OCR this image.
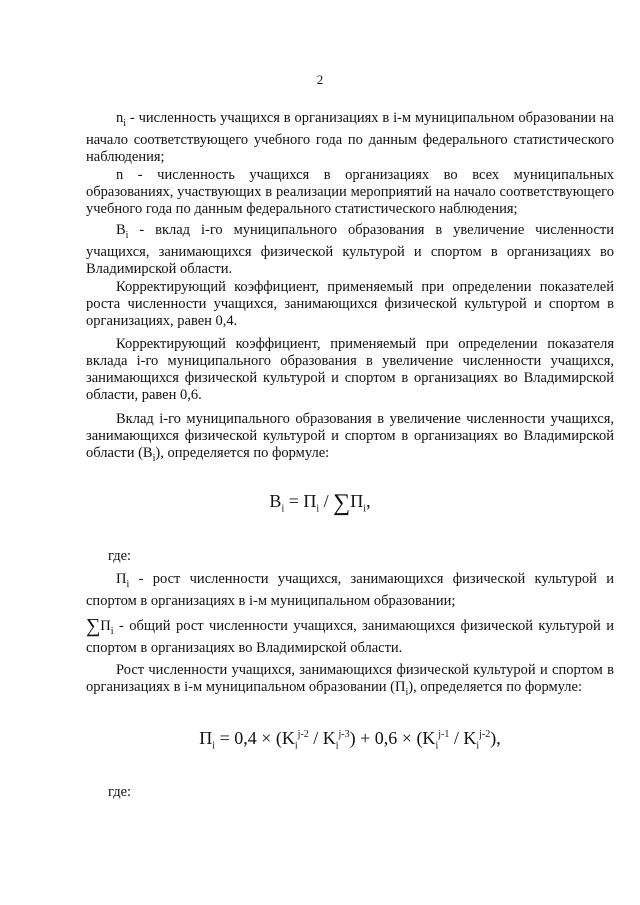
2

$n_i$ - численность учащихся в организациях в i-м муниципальном образовании на начало соответствующего учебного года по данным федерального статистического наблюдения;

n - численность учащихся в организациях во всех муниципальных образованиях, участвующих в реализации мероприятий на начало соответствующего учебного года по данным федерального статистического наблюдения;

$B_i$ - вклад i-го муниципального образования в увеличение численности учащихся, занимающихся физической культурой и спортом в организациях во Владимирской области.

Корректирующий коэффициент, применяемый при определении показателей роста численности учащихся, занимающихся физической культурой и спортом в организациях, равен 0,4.

Корректирующий коэффициент, применяемый при определении показателя вклада i-го муниципального образования в увеличение численности учащихся, занимающихся физической культурой и спортом в организациях во Владимирской области, равен 0,6.

Вклад i-го муниципального образования в увеличение численности учащихся, занимающихся физической культурой и спортом в организациях во Владимирской области $(B_i)$, определяется по формуле:

$B_i = П_i / \sum П_i$,
где:

$П_i$ - рост численности учащихся, занимающихся физической культурой и спортом в организациях в i-м муниципальном образовании;

$\sum П_i$ - общий рост численности учащихся, занимающихся физической культурой и спортом в организациях во Владимирской области.

Рост численности учащихся, занимающихся физической культурой и спортом в организациях в i-м муниципальном образовании $(П_i)$, определяется по формуле:

$П_i = 0,4 \times (K_i^{j-2} / K_i^{j-3}) + 0,6 \times (K_i^{j-1} / K_i^{j-2})$,
где:
